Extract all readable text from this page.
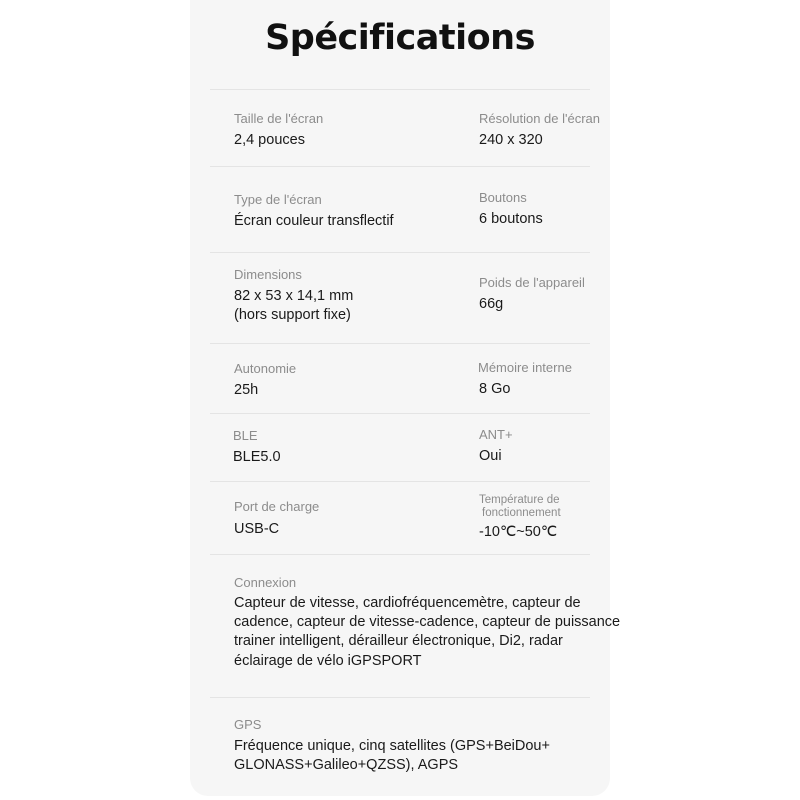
Spécifications
Taille de l'écran
2,4 pouces
Résolution de l'écran
240 x 320
Type de l'écran
Écran couleur transflectif
Boutons
6 boutons
Dimensions
82 x 53 x 14,1 mm
(hors support fixe)
Poids de l'appareil
66g
Autonomie
25h
Mémoire interne
8 Go
BLE
BLE5.0
ANT+
Oui
Port de charge
USB-C
Température de
fonctionnement
-10℃~50℃
Connexion
Capteur de vitesse, cardiofréquencemètre, capteur de
cadence, capteur de vitesse-cadence, capteur de puissance
trainer intelligent, dérailleur électronique, Di2, radar
éclairage de vélo iGPSPORT
GPS
Fréquence unique, cinq satellites (GPS+BeiDou+
GLONASS+Galileo+QZSS), AGPS
